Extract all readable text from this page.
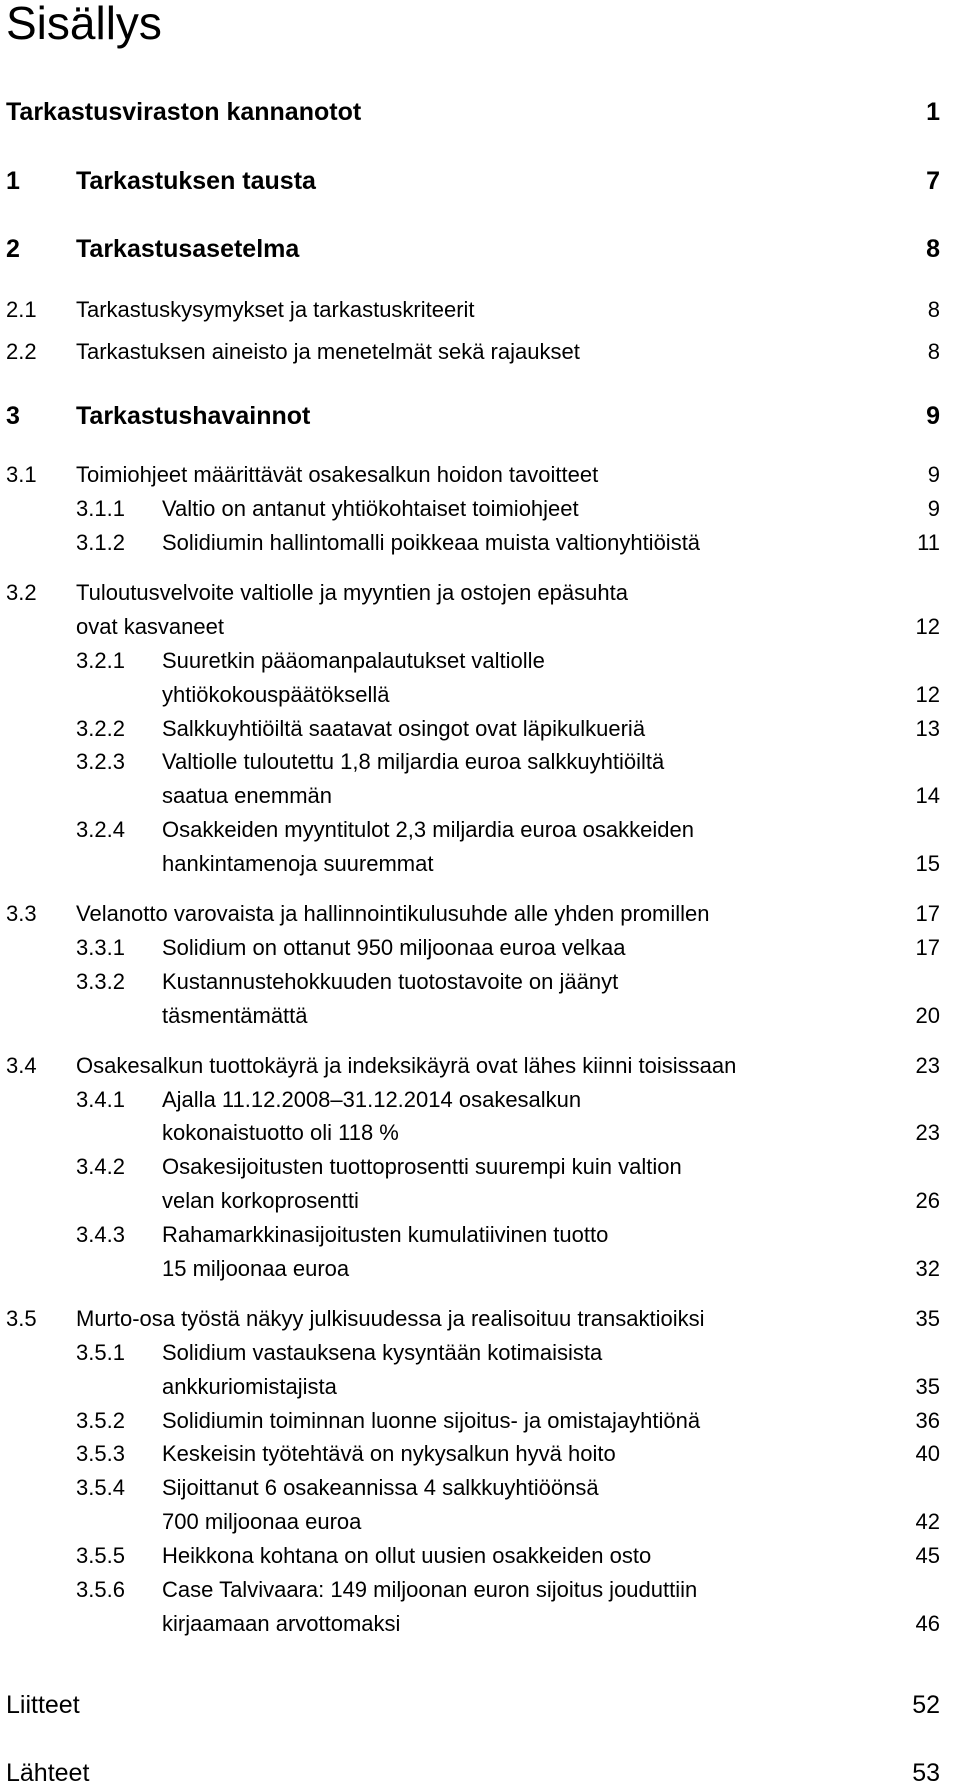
Sisällys
Tarkastusviraston kannanotot	1
1 Tarkastuksen tausta	7
2 Tarkastusasetelma	8
2.1 Tarkastuskysymykset ja tarkastuskriteerit	8
2.2 Tarkastuksen aineisto ja menetelmät sekä rajaukset	8
3 Tarkastushavainnot	9
3.1 Toimiohjeet määrittävät osakesalkun hoidon tavoitteet	9
3.1.1 Valtio on antanut yhtiökohtaiset toimiohjeet	9
3.1.2 Solidiumin hallintomalli poikkeaa muista valtionyhtiöistä	11
3.2 Tuloutusvelvoite valtiolle ja myyntien ja ostojen epäsuhta
ovat kasvaneet	12
3.2.1 Suuretkin pääomanpalautukset valtiolle
yhtiökokouspäätöksellä	12
3.2.2 Salkkuyhtiöiltä saatavat osingot ovat läpikulkueriä	13
3.2.3 Valtiolle tuloutettu 1,8 miljardia euroa salkkuyhtiöiltä
saatua enemmän	14
3.2.4 Osakkeiden myyntitulot 2,3 miljardia euroa osakkeiden
hankintamenoja suuremmat	15
3.3 Velanotto varovaista ja hallinnointikulusuhde alle yhden promillen	17
3.3.1 Solidium on ottanut 950 miljoonaa euroa velkaa	17
3.3.2 Kustannustehokkuuden tuotostavoite on jäänyt
täsmentämättä	20
3.4 Osakesalkun tuottokäyrä ja indeksikäyrä ovat lähes kiinni toisissaan	23
3.4.1 Ajalla 11.12.2008–31.12.2014 osakesalkun
kokonaistuotto oli 118 %	23
3.4.2 Osakesijoitusten tuottoprosentti suurempi kuin valtion
velan korkoprosentti	26
3.4.3 Rahamarkkinasijoitusten kumulatiivinen tuotto
15 miljoonaa euroa	32
3.5 Murto-osa työstä näkyy julkisuudessa ja realisoituu transaktioiksi	35
3.5.1 Solidium vastauksena kysyntään kotimaisista
ankkuriomistajista	35
3.5.2 Solidiumin toiminnan luonne sijoitus- ja omistajayhtiönä	36
3.5.3 Keskeisin työtehtävä on nykysalkun hyvä hoito	40
3.5.4 Sijoittanut 6 osakeannissa 4 salkkuyhtiöönsä
700 miljoonaa euroa	42
3.5.5 Heikkona kohtana on ollut uusien osakkeiden osto	45
3.5.6 Case Talvivaara: 149 miljoonan euron sijoitus jouduttiin
kirjaamaan arvottomaksi	46
Liitteet	52
Lähteet	53
